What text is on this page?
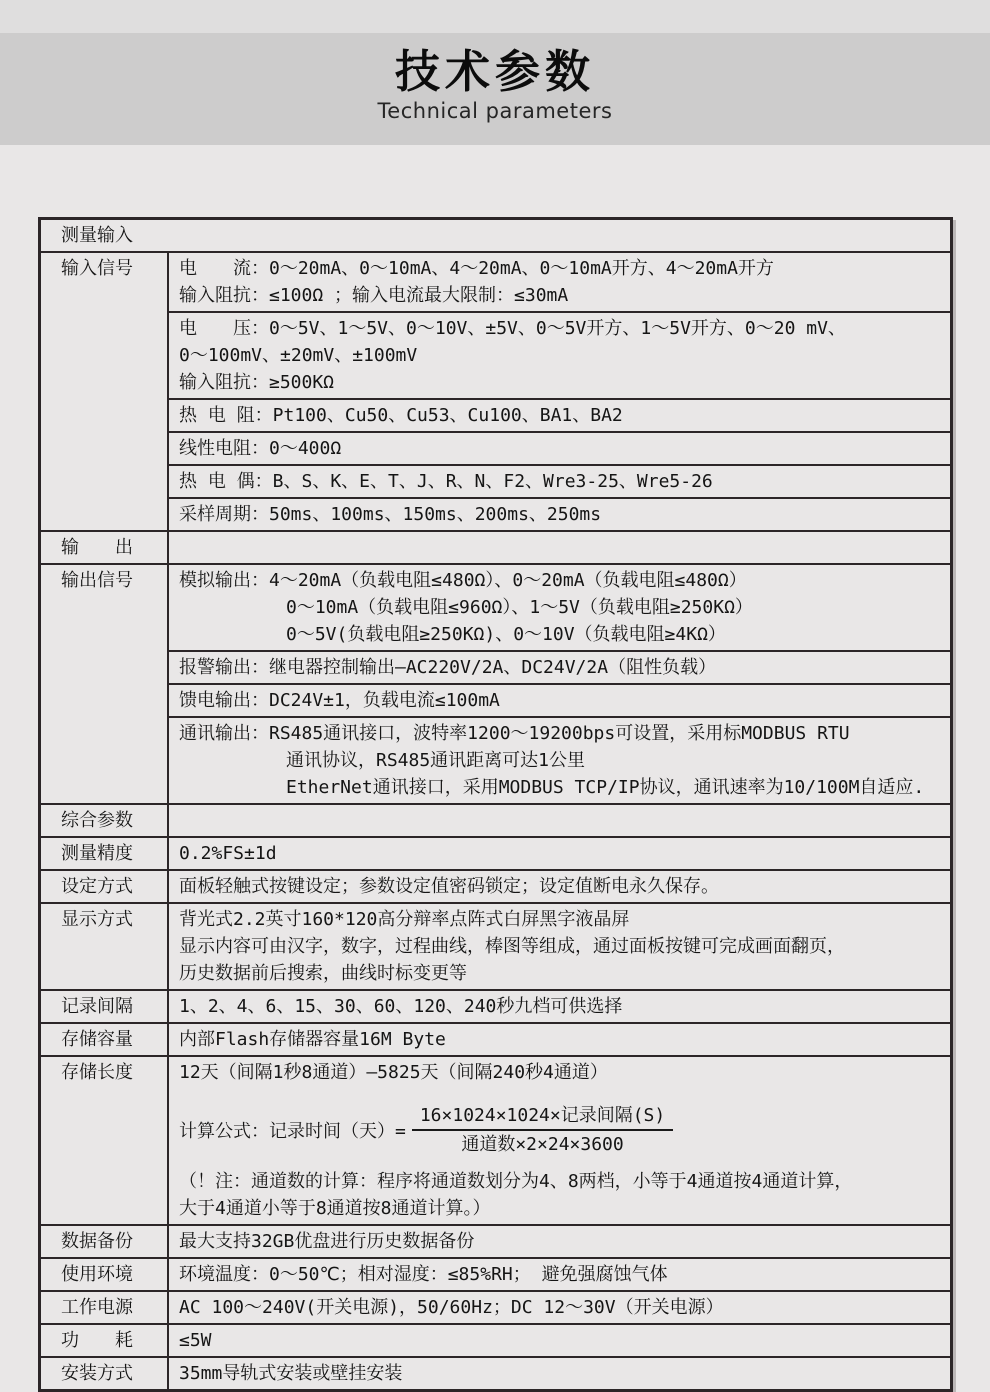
技术参数
Technical parameters
测量输入
输入信号	电　　流：0～20mA、0～10mA、4～20mA、0～10mA开方、4～20mA开方
输入阻抗：≤100Ω ；输入电流最大限制：≤30mA
电　　压：0～5V、1～5V、0～10V、±5V、0～5V开方、1～5V开方、0～20 mV、
0～100mV、±20mV、±100mV
输入阻抗：≥500KΩ
热 电 阻：Pt100、Cu50、Cu53、Cu100、BA1、BA2
线性电阻：0～400Ω
热 电 偶：B、S、K、E、T、J、R、N、F2、Wre3-25、Wre5-26
采样周期：50ms、100ms、150ms、200ms、250ms
输　　出
输出信号	模拟输出：4～20mA（负载电阻≤480Ω）、0～20mA（负载电阻≤480Ω）
0～10mA（负载电阻≤960Ω）、1～5V（负载电阻≥250KΩ）
0～5V(负载电阻≥250KΩ)、0～10V（负载电阻≥4KΩ）
报警输出：继电器控制输出—AC220V/2A、DC24V/2A（阻性负载）
馈电输出：DC24V±1，负载电流≤100mA
通讯输出：RS485通讯接口，波特率1200～19200bps可设置，采用标MODBUS RTU
通讯协议，RS485通讯距离可达1公里
EtherNet通讯接口，采用MODBUS TCP/IP协议，通讯速率为10/100M自适应.
综合参数
测量精度	0.2%FS±1d
设定方式	面板轻触式按键设定；参数设定值密码锁定；设定值断电永久保存。
显示方式	背光式2.2英寸160*120高分辩率点阵式白屏黑字液晶屏
显示内容可由汉字，数字，过程曲线，棒图等组成，通过面板按键可完成画面翻页，
历史数据前后搜索，曲线时标变更等
记录间隔	1、2、4、6、15、30、60、120、240秒九档可供选择
存储容量	内部Flash存储器容量16M Byte
存储长度	12天（间隔1秒8通道）—5825天（间隔240秒4通道）
计算公式：记录时间（天）= $\frac{\text{16×1024×1024×记录间隔(S)}}{\text{通道数×2×24×3600}}$
（！注：通道数的计算：程序将通道数划分为4、8两档，小等于4通道按4通道计算，
大于4通道小等于8通道按8通道计算。）
数据备份	最大支持32GB优盘进行历史数据备份
使用环境	环境温度：0～50℃；相对湿度：≤85%RH； 避免强腐蚀气体
工作电源	AC 100～240V(开关电源)，50/60Hz；DC 12～30V（开关电源）
功　　耗	≤5W
安装方式	35mm导轨式安装或壁挂安装
